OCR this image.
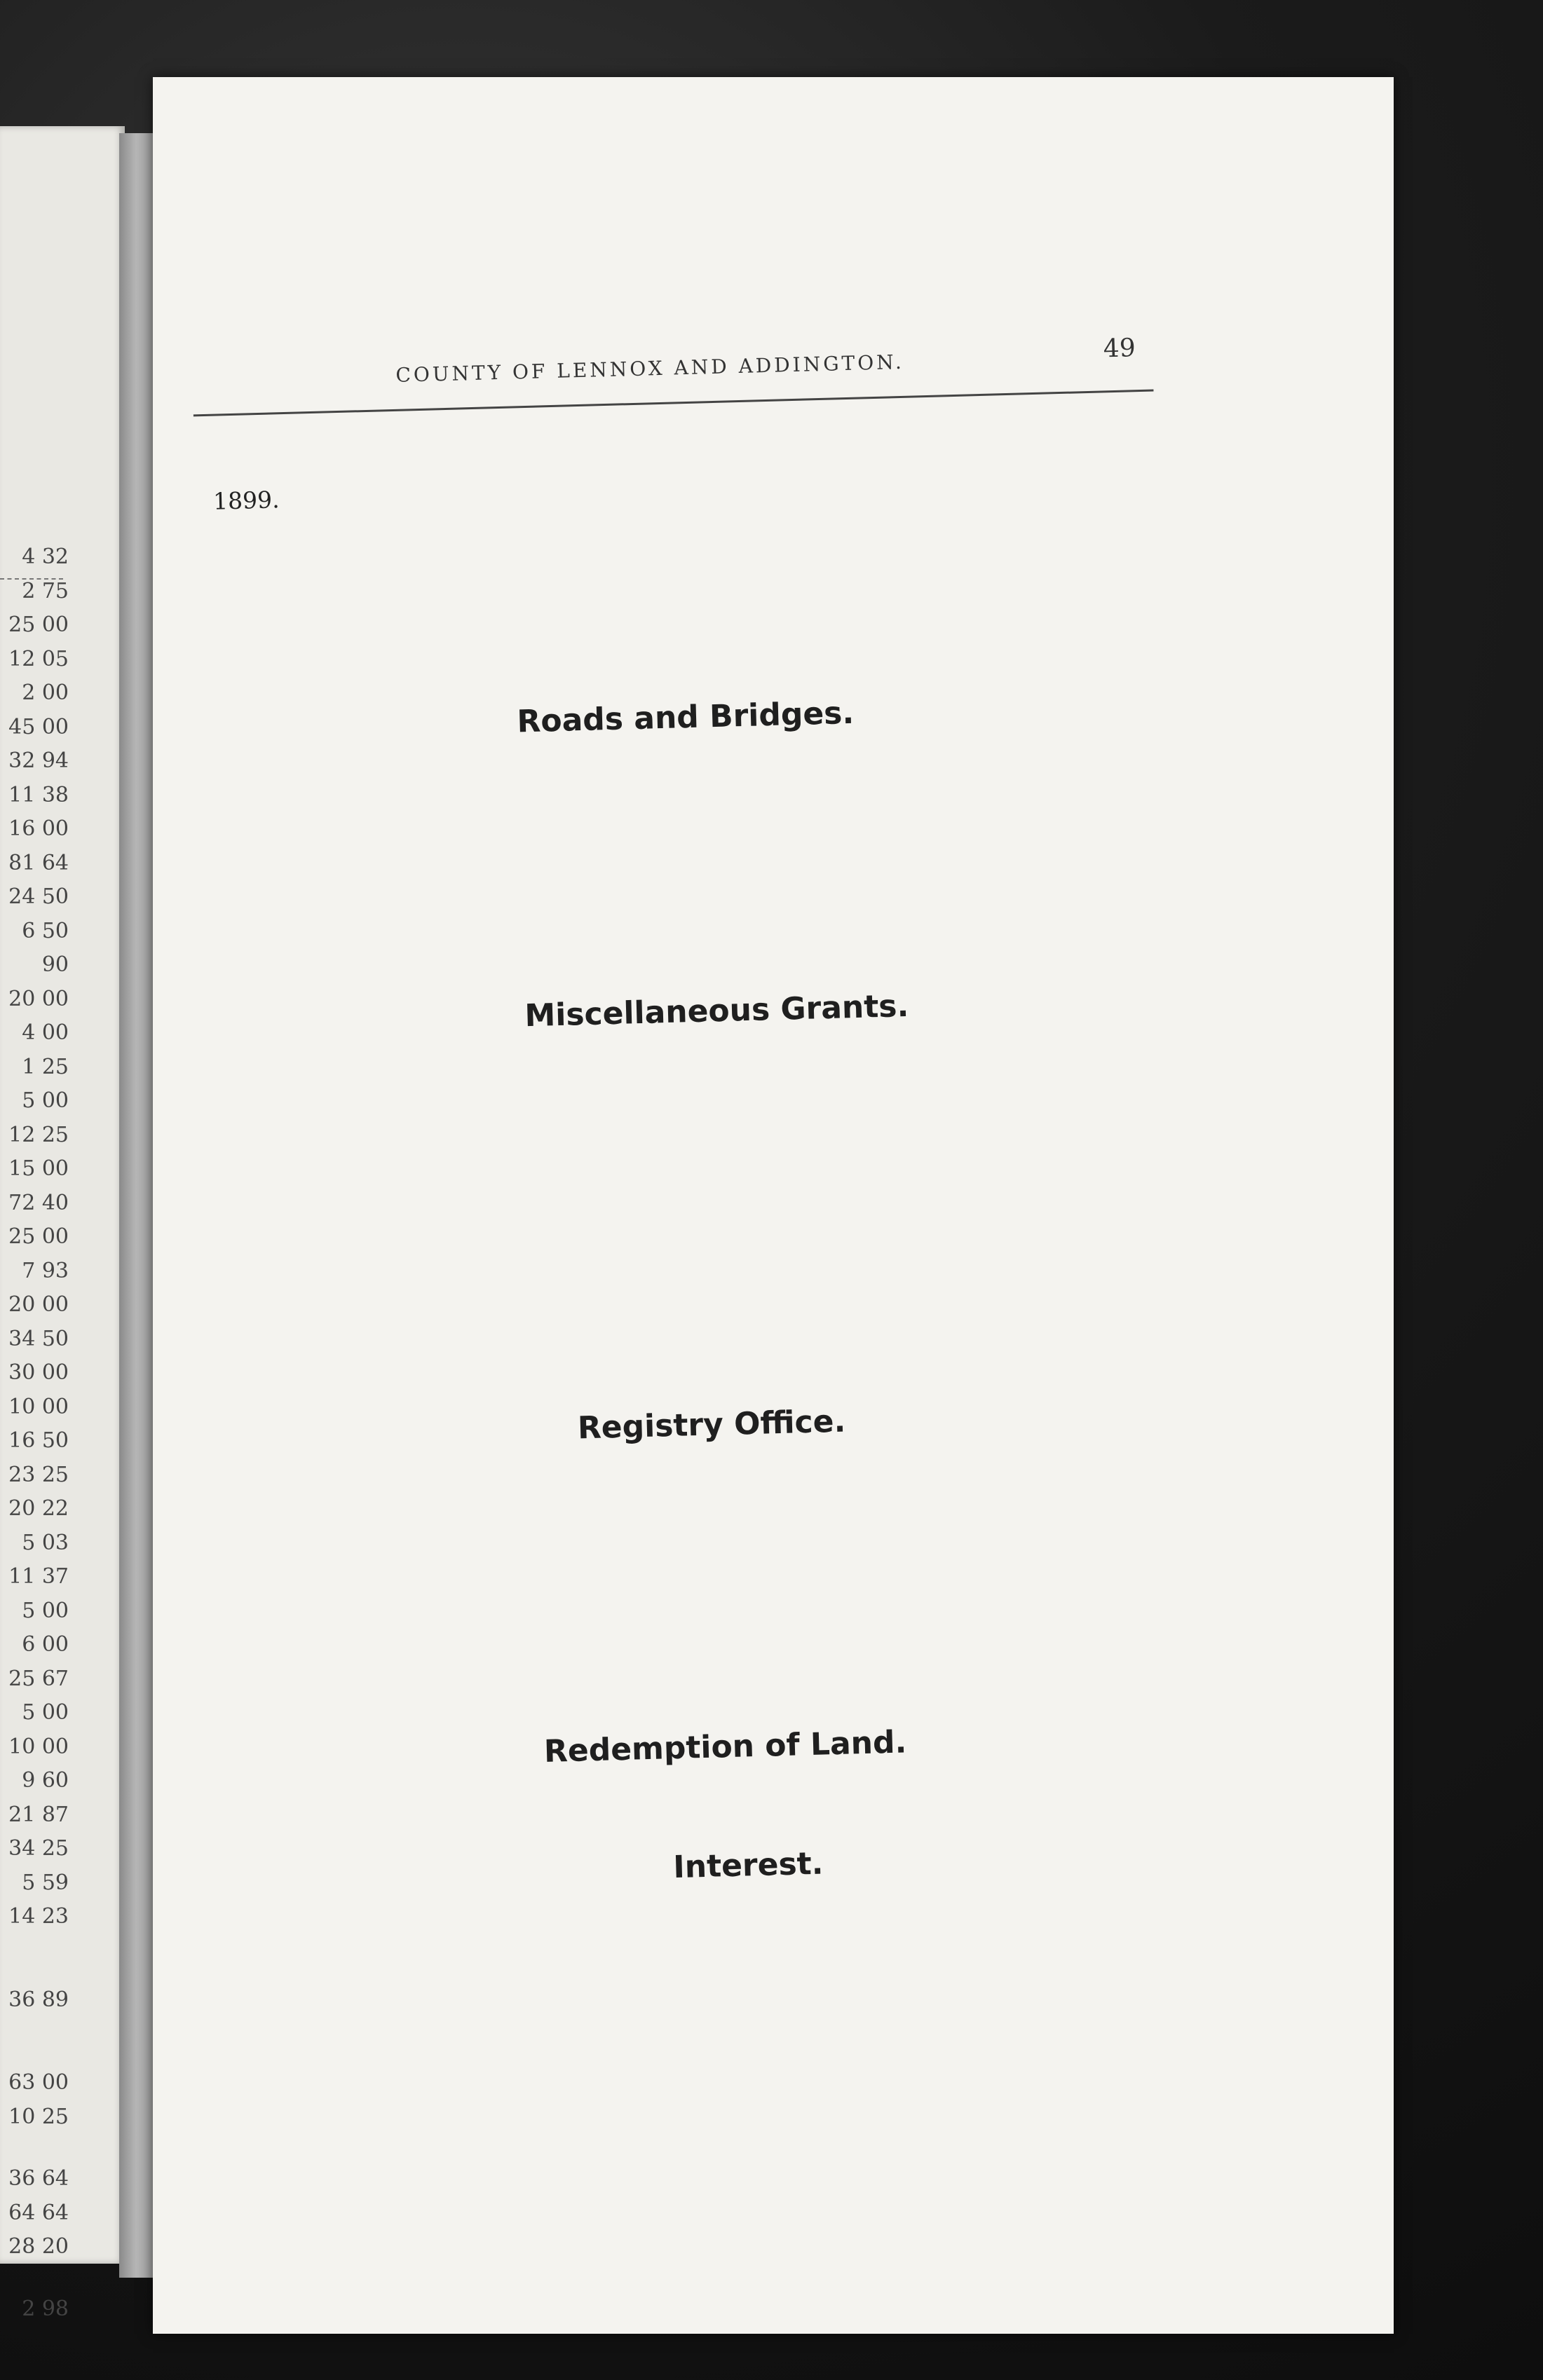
4 32
2 75
25 00
12 05
2 00
45 00
32 94
11 38
16 00
81 64
24 50
6 50
90
20 00
4 00
1 25
5 00
12 25
15 00
72 40
25 00
7 93
20 00
34 50
30 00
10 00
16 50
23 25
20 22
5 03
11 37
5 00
6 00
25 67
5 00
10 00
9 60
21 87
34 25
5 59
14 23
36 89
63 00
10 25
36 64
64 64
28 20
2 98
COUNTY OF LENNOX AND ADDINGTON.
49
1899.
Roads and Bridges.
Miscellaneous Grants.
Registry Office.
Redemption of Land.
Interest.
